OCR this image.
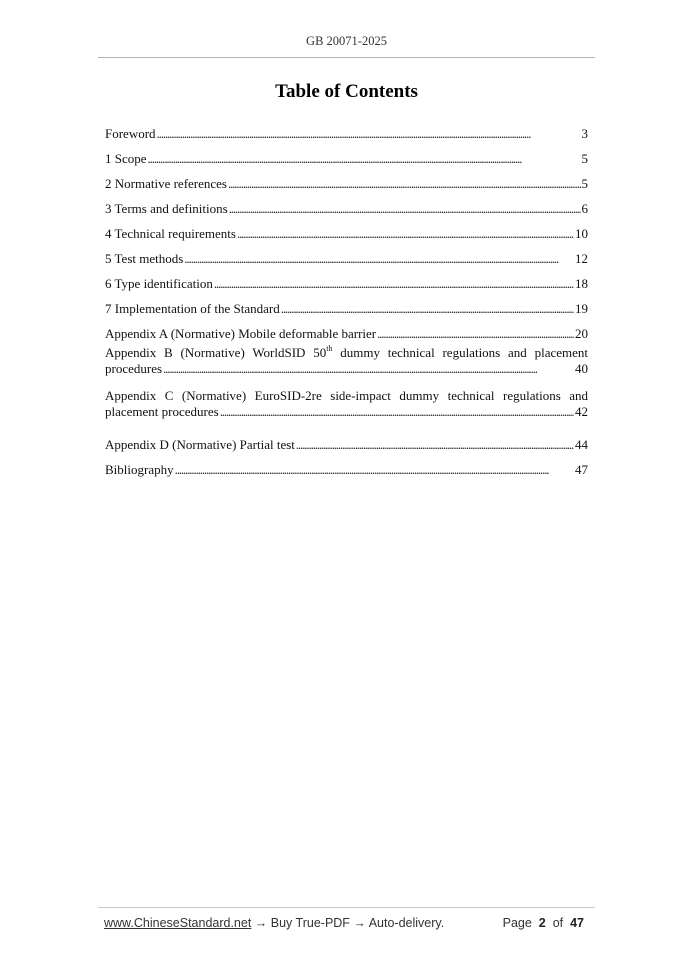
GB 20071-2025
Table of Contents
Foreword . . .	3
1 Scope . . .	5
2 Normative references . . .	5
3 Terms and definitions . . .	6
4 Technical requirements . . .	10
5 Test methods . . .	12
6 Type identification . . .	18
7 Implementation of the Standard . . .	19
Appendix A (Normative) Mobile deformable barrier . . .	20
Appendix B (Normative) WorldSID 50th dummy technical regulations and placement
procedures . . .	40
Appendix C (Normative) EuroSID-2re side-impact dummy technical regulations and
placement procedures . . .	42
Appendix D (Normative) Partial test . . .	44
Bibliography . . .	47
www.ChineseStandard.net → Buy True-PDF → Auto-delivery.	Page 2 of 47
